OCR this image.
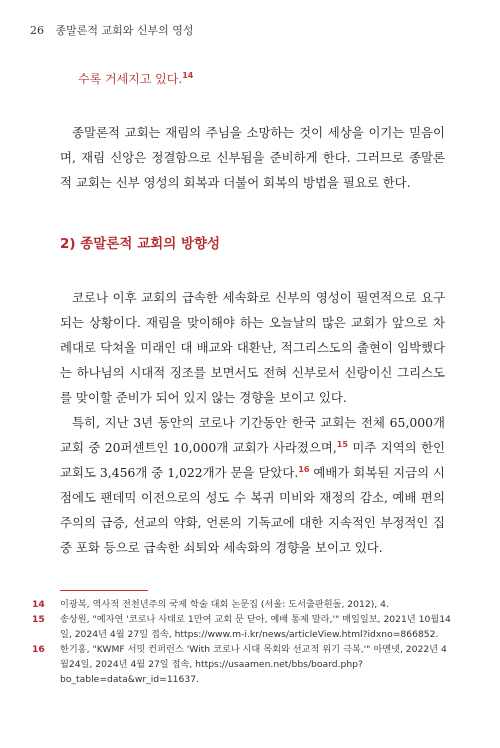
26 종말론적 교회와 신부의 영성
수록 거세지고 있다.$^{14}$

종말론적 교회는 재림의 주님을 소망하는 것이 세상을 이기는 믿음이며, 재림 신앙은 정결함으로 신부됨을 준비하게 한다. 그러므로 종말론적 교회는 신부 영성의 회복과 더불어 회복의 방법을 필요로 한다.

2) 종말론적 교회의 방향성

코로나 이후 교회의 급속한 세속화로 신부의 영성이 필연적으로 요구되는 상황이다. 재림을 맞이해야 하는 오늘날의 많은 교회가 앞으로 차례대로 닥쳐올 미래인 대 배교와 대환난, 적그리스도의 출현이 임박했다는 하나님의 시대적 징조를 보면서도 전혀 신부로서 신랑이신 그리스도를 맞이할 준비가 되어 있지 않는 경향을 보이고 있다.

특히, 지난 3년 동안의 코로나 기간동안 한국 교회는 전체 65,000개 교회 중 20퍼센트인 10,000개 교회가 사라졌으며,$^{15}$ 미주 지역의 한인교회도 3,456개 중 1,022개가 문을 닫았다.$^{16}$ 예배가 회복된 지금의 시점에도 팬데믹 이전으로의 성도 수 복귀 미비와 재정의 감소, 예배 편의주의의 급증, 선교의 약화, 언론의 기독교에 대한 지속적인 부정적인 집중 포화 등으로 급속한 쇠퇴와 세속화의 경향을 보이고 있다.

14	이광복, 역사적 전천년주의 국제 학술 대회 논문집 (서울: 도서출판흰돌, 2012), 4.
15	송상원, "예자연 '코로나 사태로 1만여 교회 문 닫아, 예배 통제 말라,'" 매일일보, 2021년 10월14일, 2024년 4월 27일 접속, https://www.m-i.kr/news/articleView.html?idxno=866852.
16	한기홍, "KWMF 서밋 컨퍼런스 'With 코로나 시대 목회와 선교적 위기 극복,'" 아멘넷, 2022년 4월24일, 2024년 4월 27일 접속, https://usaamen.net/bbs/board.php?bo_table=data&wr_id=11637.
